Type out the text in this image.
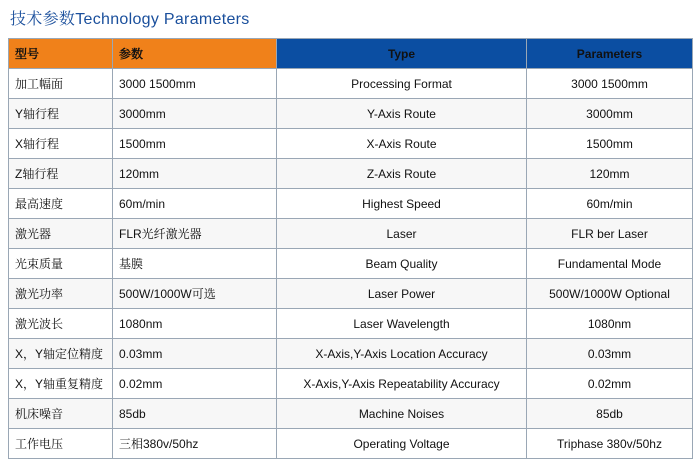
技术参数Technology Parameters
型号	参数	Type	Parameters
加工幅面	3000 1500mm	Processing Format	3000 1500mm
Y轴行程	3000mm	Y-Axis Route	3000mm
X轴行程	1500mm	X-Axis Route	1500mm
Z轴行程	120mm	Z-Axis Route	120mm
最高速度	60m/min	Highest Speed	60m/min
激光器	FLR光纤激光器	Laser	FLR ber Laser
光束质量	基膜	Beam Quality	Fundamental Mode
激光功率	500W/1000W可选	Laser Power	500W/1000W Optional
激光波长	1080nm	Laser Wavelength	1080nm
X，Y轴定位精度	0.03mm	X-Axis,Y-Axis Location Accuracy	0.03mm
X，Y轴重复精度	0.02mm	X-Axis,Y-Axis Repeatability Accuracy	0.02mm
机床噪音	85db	Machine Noises	85db
工作电压	三相380v/50hz	Operating Voltage	Triphase 380v/50hz
